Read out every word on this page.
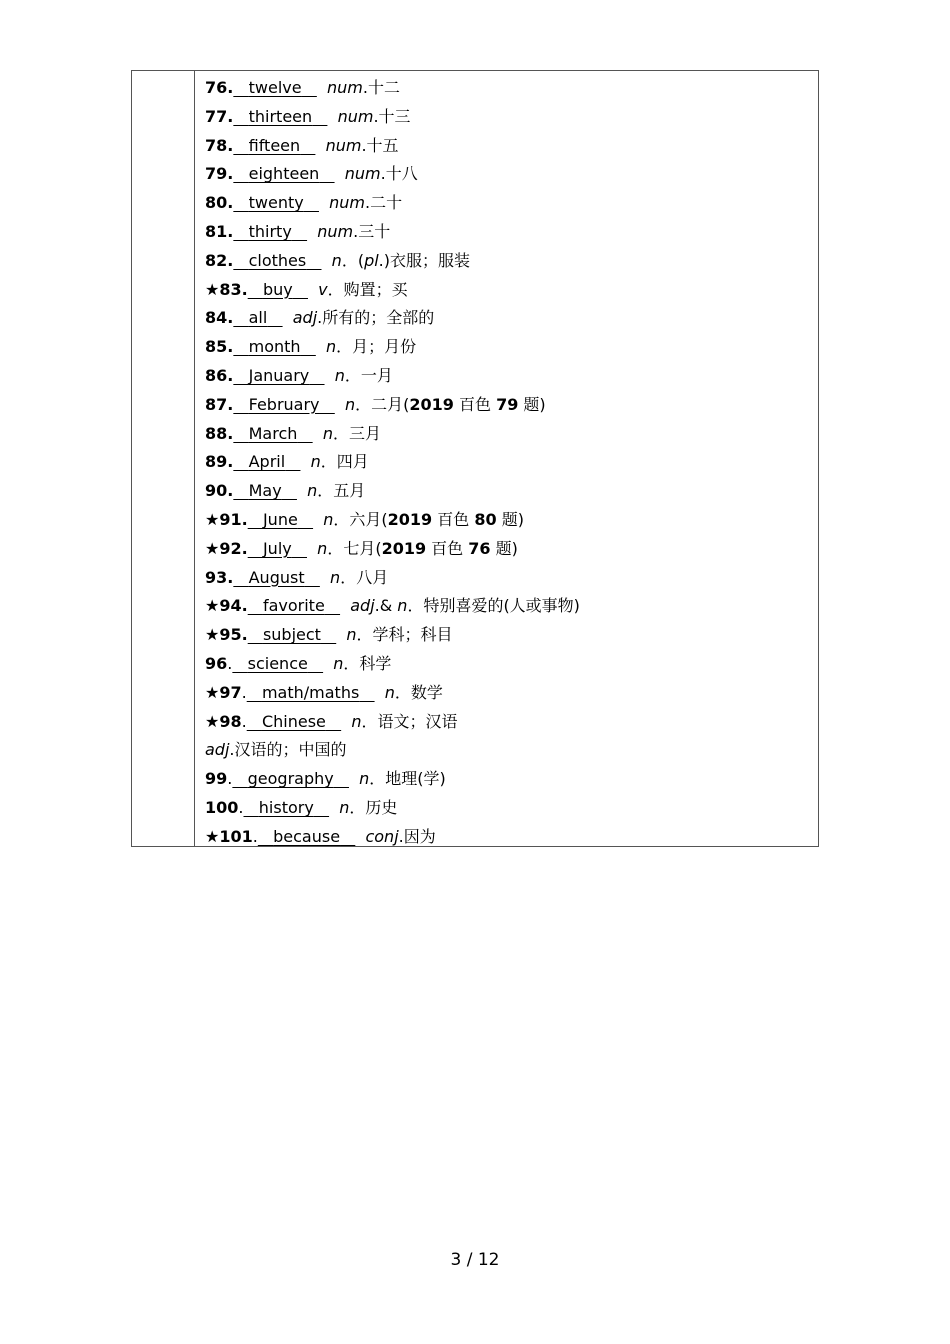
76. twelve num.十二
77. thirteen num.十三
78. fifteen num.十五
79. eighteen num.十八
80. twenty num.二十
81. thirty num.三十
82. clothes n．(pl.)衣服；服装
★83. buy v．购置；买
84. all adj.所有的；全部的
85. month n．月；月份
86. January n．一月
87. February n．二月(2019 百色 79 题)
88. March n．三月
89. April n．四月
90. May n．五月
★91. June n．六月(2019 百色 80 题)
★92. July n．七月(2019 百色 76 题)
93. August n．八月
★94. favorite adj.& n．特别喜爱的(人或事物)
★95. subject n．学科；科目
96. science n．科学
★97. math/maths n．数学
★98. Chinese n．语文；汉语
adj.汉语的；中国的
99. geography n．地理(学)
100. history n．历史
★101. because conj.因为
3 / 12
